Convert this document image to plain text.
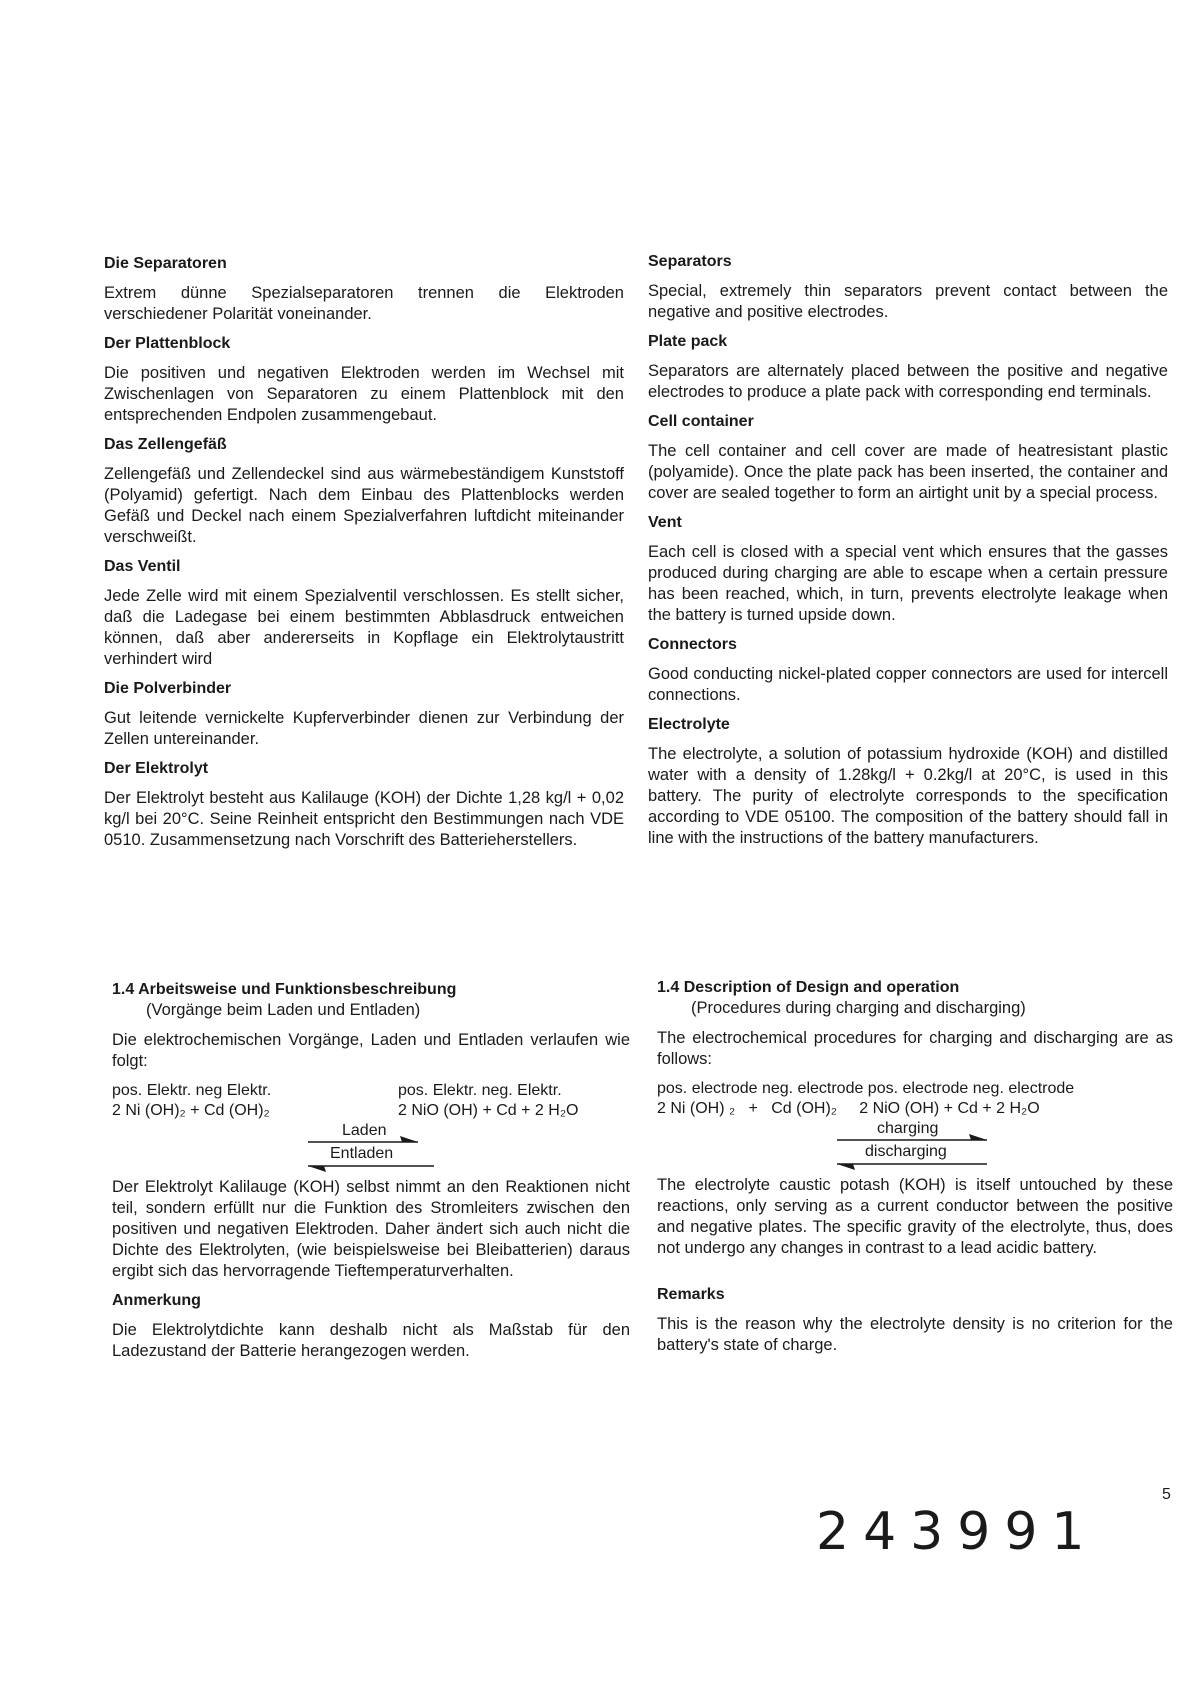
Die Separatoren
Extrem dünne Spezialseparatoren trennen die Elektroden verschiedener Polarität voneinander.
Der Plattenblock
Die positiven und negativen Elektroden werden im Wechsel mit Zwischenlagen von Separatoren zu einem Plattenblock mit den entsprechenden Endpolen zusammengebaut.
Das Zellengefäß
Zellengefäß und Zellendeckel sind aus wärmebeständigem Kunststoff (Polyamid) gefertigt. Nach dem Einbau des Plattenblocks werden Gefäß und Deckel nach einem Spezialverfahren luftdicht miteinander verschweißt.
Das Ventil
Jede Zelle wird mit einem Spezialventil verschlossen. Es stellt sicher, daß die Ladegase bei einem bestimmten Abblasdruck entweichen können, daß aber andererseits in Kopflage ein Elektrolytaustritt verhindert wird
Die Polverbinder
Gut leitende vernickelte Kupferverbinder dienen zur Verbindung der Zellen untereinander.
Der Elektrolyt
Der Elektrolyt besteht aus Kalilauge (KOH) der Dichte 1,28 kg/l + 0,02 kg/l bei 20°C. Seine Reinheit entspricht den Bestimmungen nach VDE 0510. Zusammensetzung nach Vorschrift des Batterieherstellers.
Separators
Special, extremely thin separators prevent contact between the negative and positive electrodes.
Plate pack
Separators are alternately placed between the positive and negative electrodes to produce a plate pack with corresponding end terminals.
Cell container
The cell container and cell cover are made of heatresistant plastic (polyamide). Once the plate pack has been inserted, the container and cover are sealed together to form an airtight unit by a special process.
Vent
Each cell is closed with a special vent which ensures that the gasses produced during charging are able to escape when a certain pressure has been reached, which, in turn, prevents electrolyte leakage when the battery is turned upside down.
Connectors
Good conducting nickel-plated copper connectors are used for intercell connections.
Electrolyte
The electrolyte, a solution of potassium hydroxide (KOH) and distilled water with a density of 1.28kg/l + 0.2kg/l at 20°C, is used in this battery. The purity of electrolyte corresponds to the specification according to VDE 05100. The composition of the battery should fall in line with the instructions of the battery manufacturers.
1.4 Arbeitsweise und Funktionsbeschreibung
(Vorgänge beim Laden und Entladen)
Die elektrochemischen Vorgänge, Laden und Entladen verlaufen wie folgt:
pos. Elektr. neg Elektr.	pos. Elektr. neg. Elektr.
2 Ni (OH)₂ + Cd (OH)₂	2 NiO (OH) + Cd + 2 H₂O
Laden
Entladen
Der Elektrolyt Kalilauge (KOH) selbst nimmt an den Reaktionen nicht teil, sondern erfüllt nur die Funktion des Stromleiters zwischen den positiven und negativen Elektroden. Daher ändert sich auch nicht die Dichte des Elektrolyten, (wie beispielsweise bei Bleibatterien) daraus ergibt sich das hervorragende Tieftemperaturverhalten.
Anmerkung
Die Elektrolytdichte kann deshalb nicht als Maßstab für den Ladezustand der Batterie herangezogen werden.
1.4 Description of Design and operation
(Procedures during charging and discharging)
The electrochemical procedures for charging and discharging are as follows:
pos. electrode neg. electrode pos. electrode neg. electrode
2 Ni (OH) ₂   +   Cd (OH)₂     2 NiO (OH) + Cd + 2 H₂O
charging
discharging
The electrolyte caustic potash (KOH) is itself untouched by these reactions, only serving as a current conductor between the positive and negative plates. The specific gravity of the electrolyte, thus, does not undergo any changes in contrast to a lead acidic battery.
Remarks
This is the reason why the electrolyte density is no criterion for the battery's state of charge.
5
243991
